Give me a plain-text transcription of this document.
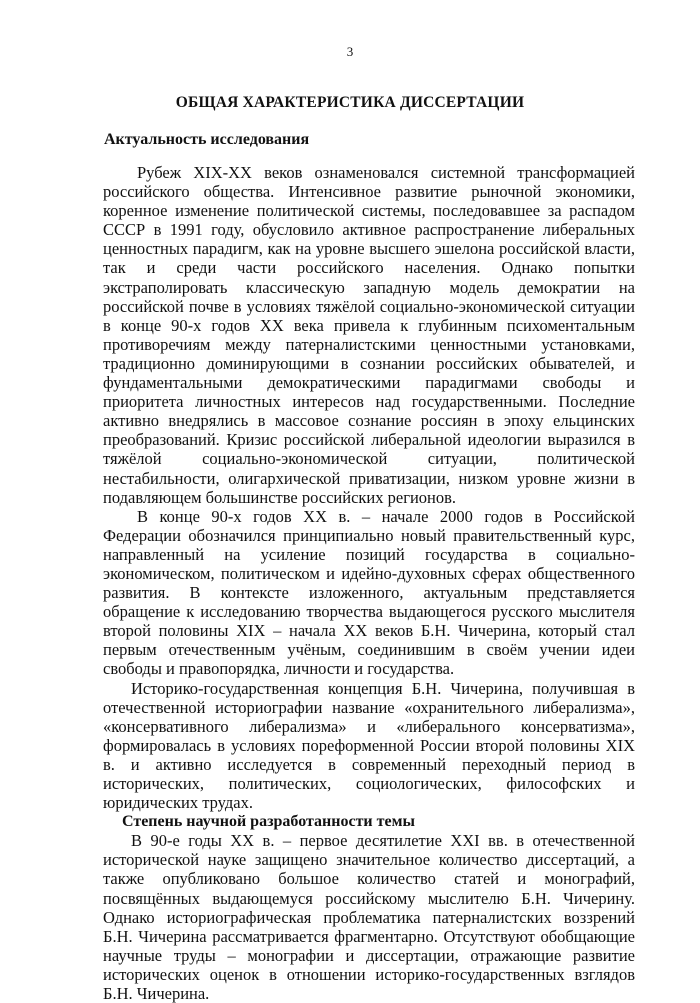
3
ОБЩАЯ ХАРАКТЕРИСТИКА ДИССЕРТАЦИИ
Актуальность исследования

Рубеж XIX-XX веков ознаменовался системной трансформацией российского общества. Интенсивное развитие рыночной экономики, коренное изменение политической системы, последовавшее за распадом СССР в 1991 году, обусловило активное распространение либеральных ценностных парадигм, как на уровне высшего эшелона российской власти, так и среди части российского населения. Однако попытки экстраполировать классическую западную модель демократии на российской почве в условиях тяжёлой социально-экономической ситуации в конце 90-х годов XX века привела к глубинным психоментальным противоречиям между патерналистскими ценностными установками, традиционно доминирующими в сознании российских обывателей, и фундаментальными демократическими парадигмами свободы и приоритета личностных интересов над государственными. Последние активно внедрялись в массовое сознание россиян в эпоху ельцинских преобразований. Кризис российской либеральной идеологии выразился в тяжёлой социально-экономической ситуации, политической нестабильности, олигархической приватизации, низком уровне жизни в подавляющем большинстве российских регионов.

В конце 90-х годов XX в. – начале 2000 годов в Российской Федерации обозначился принципиально новый правительственный курс, направленный на усиление позиций государства в социально-экономическом, политическом и идейно-духовных сферах общественного развития. В контексте изложенного, актуальным представляется обращение к исследованию творчества выдающегося русского мыслителя второй половины XIX – начала XX веков Б.Н. Чичерина, который стал первым отечественным учёным, соединившим в своём учении идеи свободы и правопорядка, личности и государства.

Историко-государственная концепция Б.Н. Чичерина, получившая в отечественной историографии название «охранительного либерализма», «консервативного либерализма» и «либерального консерватизма», формировалась в условиях пореформенной России второй половины XIX в. и активно исследуется в современный переходный период в исторических, политических, социологических, философских и юридических трудах.

Степень научной разработанности темы

В 90-е годы XX в. – первое десятилетие XXI вв. в отечественной исторической науке защищено значительное количество диссертаций, а также опубликовано большое количество статей и монографий, посвящённых выдающемуся российскому мыслителю Б.Н. Чичерину. Однако историографическая проблематика патерналистских воззрений Б.Н. Чичерина рассматривается фрагментарно. Отсутствуют обобщающие научные труды – монографии и диссертации, отражающие развитие исторических оценок в отношении историко-государственных взглядов Б.Н. Чичерина.
